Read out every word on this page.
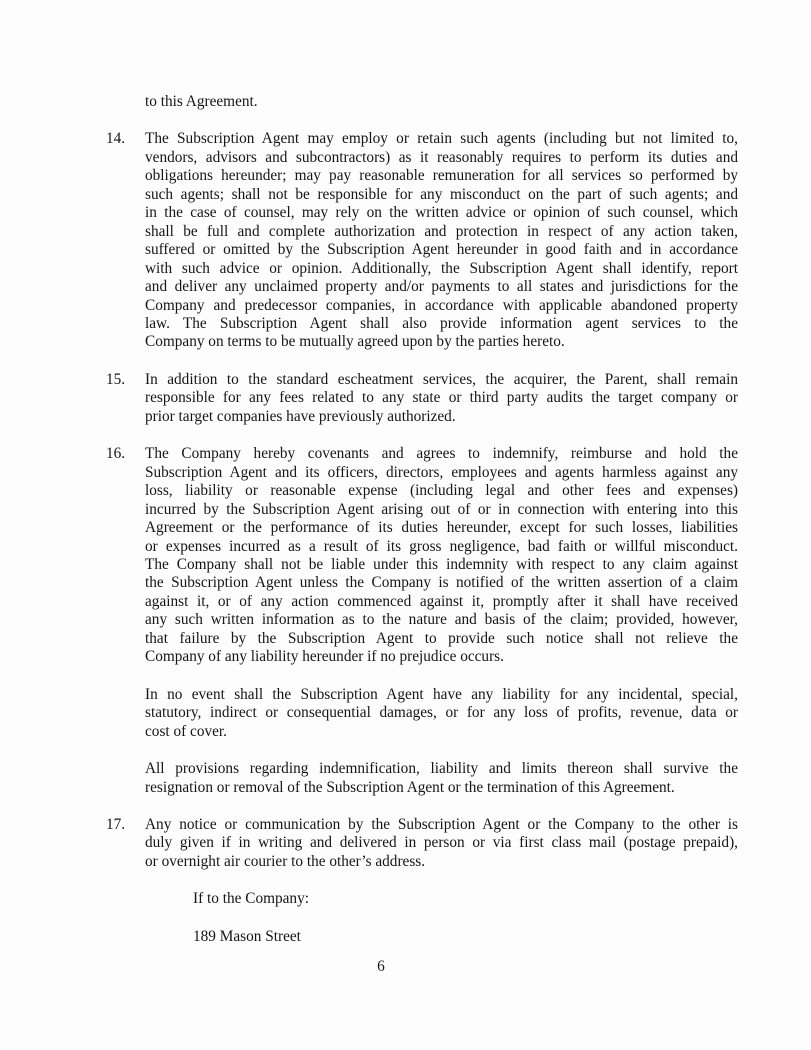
to this Agreement.
14.	The Subscription Agent may employ or retain such agents (including but not limited to,
vendors, advisors and subcontractors) as it reasonably requires to perform its duties and
obligations hereunder; may pay reasonable remuneration for all services so performed by
such agents; shall not be responsible for any misconduct on the part of such agents; and
in the case of counsel, may rely on the written advice or opinion of such counsel, which
shall be full and complete authorization and protection in respect of any action taken,
suffered or omitted by the Subscription Agent hereunder in good faith and in accordance
with such advice or opinion. Additionally, the Subscription Agent shall identify, report
and deliver any unclaimed property and/or payments to all states and jurisdictions for the
Company and predecessor companies, in accordance with applicable abandoned property
law. The Subscription Agent shall also provide information agent services to the
Company on terms to be mutually agreed upon by the parties hereto.
15.	In addition to the standard escheatment services, the acquirer, the Parent, shall remain
responsible for any fees related to any state or third party audits the target company or
prior target companies have previously authorized.
16.	The Company hereby covenants and agrees to indemnify, reimburse and hold the
Subscription Agent and its officers, directors, employees and agents harmless against any
loss, liability or reasonable expense (including legal and other fees and expenses)
incurred by the Subscription Agent arising out of or in connection with entering into this
Agreement or the performance of its duties hereunder, except for such losses, liabilities
or expenses incurred as a result of its gross negligence, bad faith or willful misconduct.
The Company shall not be liable under this indemnity with respect to any claim against
the Subscription Agent unless the Company is notified of the written assertion of a claim
against it, or of any action commenced against it, promptly after it shall have received
any such written information as to the nature and basis of the claim; provided, however,
that failure by the Subscription Agent to provide such notice shall not relieve the
Company of any liability hereunder if no prejudice occurs.
In no event shall the Subscription Agent have any liability for any incidental, special,
statutory, indirect or consequential damages, or for any loss of profits, revenue, data or
cost of cover.
All provisions regarding indemnification, liability and limits thereon shall survive the
resignation or removal of the Subscription Agent or the termination of this Agreement.
17.	Any notice or communication by the Subscription Agent or the Company to the other is
duly given if in writing and delivered in person or via first class mail (postage prepaid),
or overnight air courier to the other’s address.
If to the Company:
189 Mason Street
6
